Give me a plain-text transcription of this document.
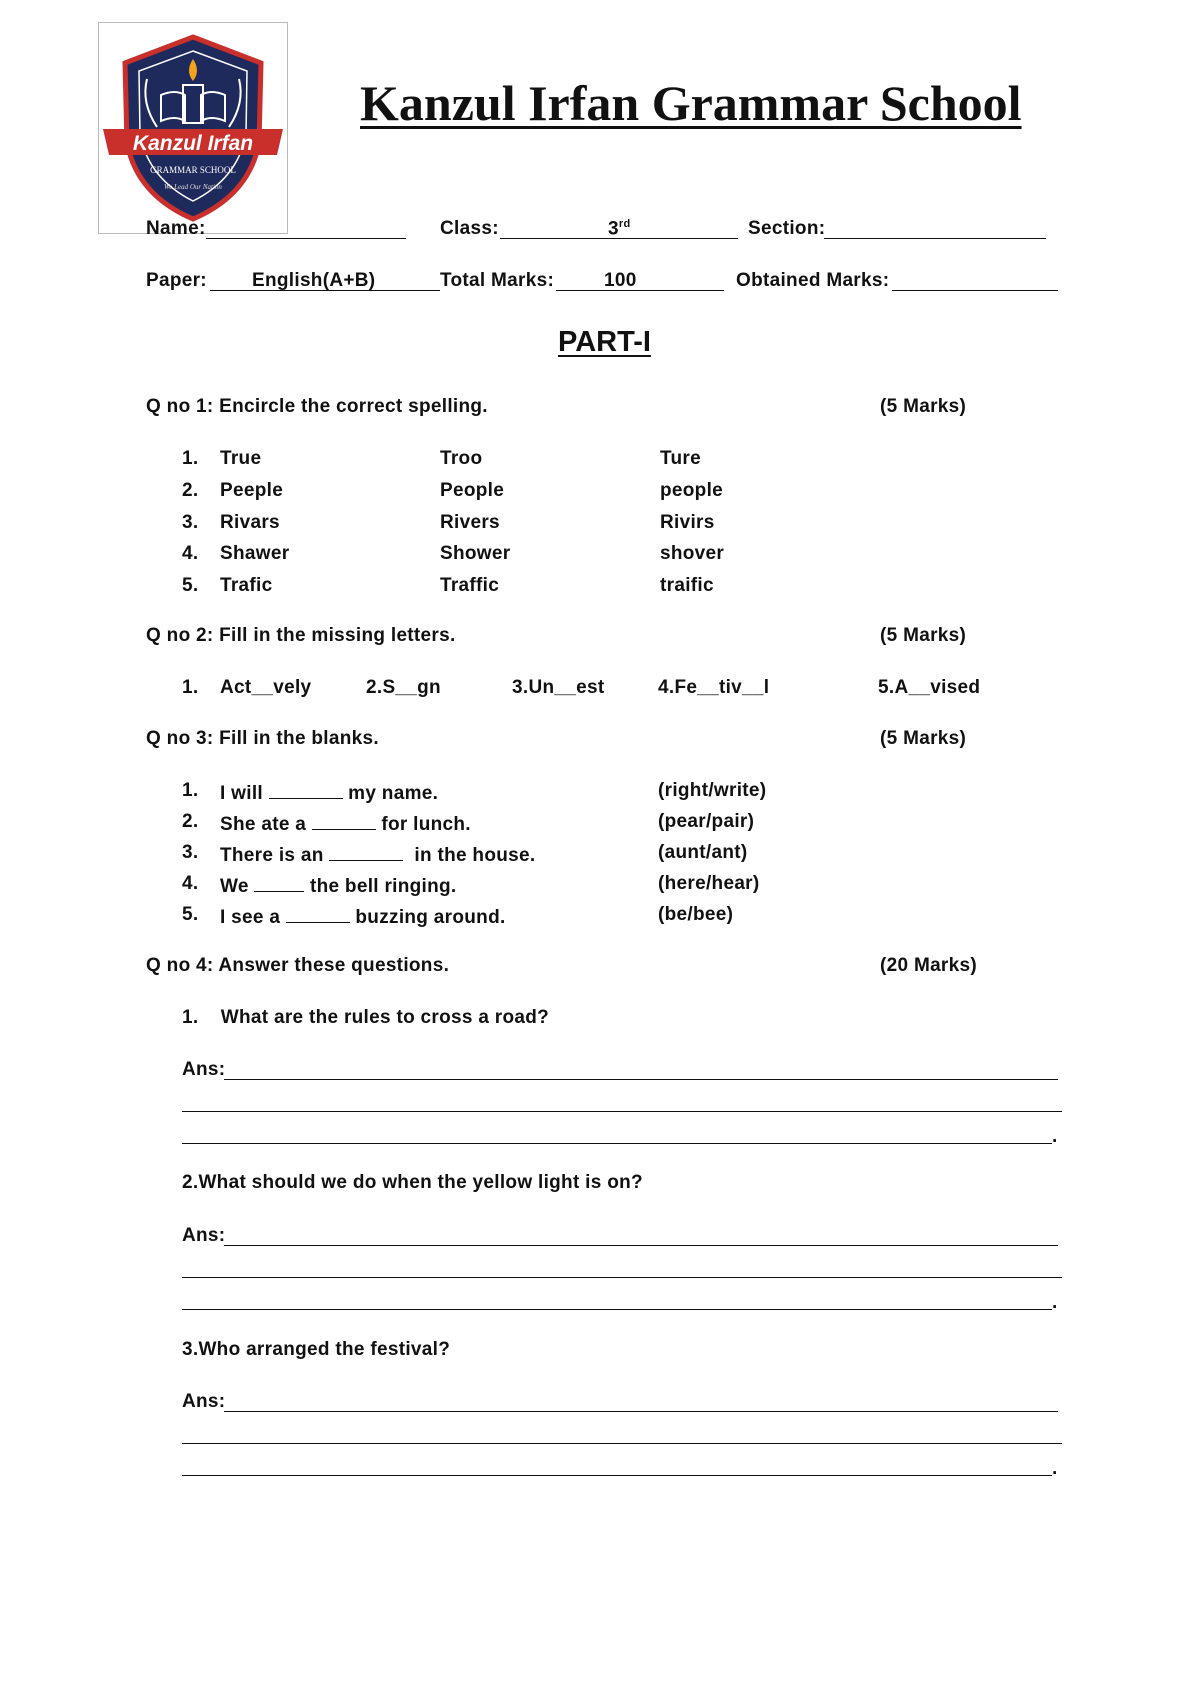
Kanzul Irfan
GRAMMAR SCHOOL
We Lead Our Nation
Kanzul Irfan Grammar School
Name:	Class:	3rd	Section:
Paper: English(A+B)	Total Marks:	100	Obtained Marks:
PART-I
Q no 1: Encircle the correct spelling.	(5 Marks)
1. True	Troo	Ture
2. Peeple	People	people
3. Rivars	Rivers	Rivirs
4. Shawer	Shower	shover
5. Trafic	Traffic	traific
Q no 2: Fill in the missing letters.	(5 Marks)
1. Act__vely	2.S__gn	3.Un__est	4.Fe__tiv__l	5.A__vised
Q no 3: Fill in the blanks.	(5 Marks)
1. I will	my name.	(right/write)
2. She ate a	for lunch.	(pear/pair)
3. There is an	in the house.	(aunt/ant)
4. We	the bell ringing.	(here/hear)
5. I see a	buzzing around.	(be/bee)
Q no 4: Answer these questions.	(20 Marks)
1.    What are the rules to cross a road?
Ans:
.
2.What should we do when the yellow light is on?
Ans:
.
3.Who arranged the festival?
Ans:
.
